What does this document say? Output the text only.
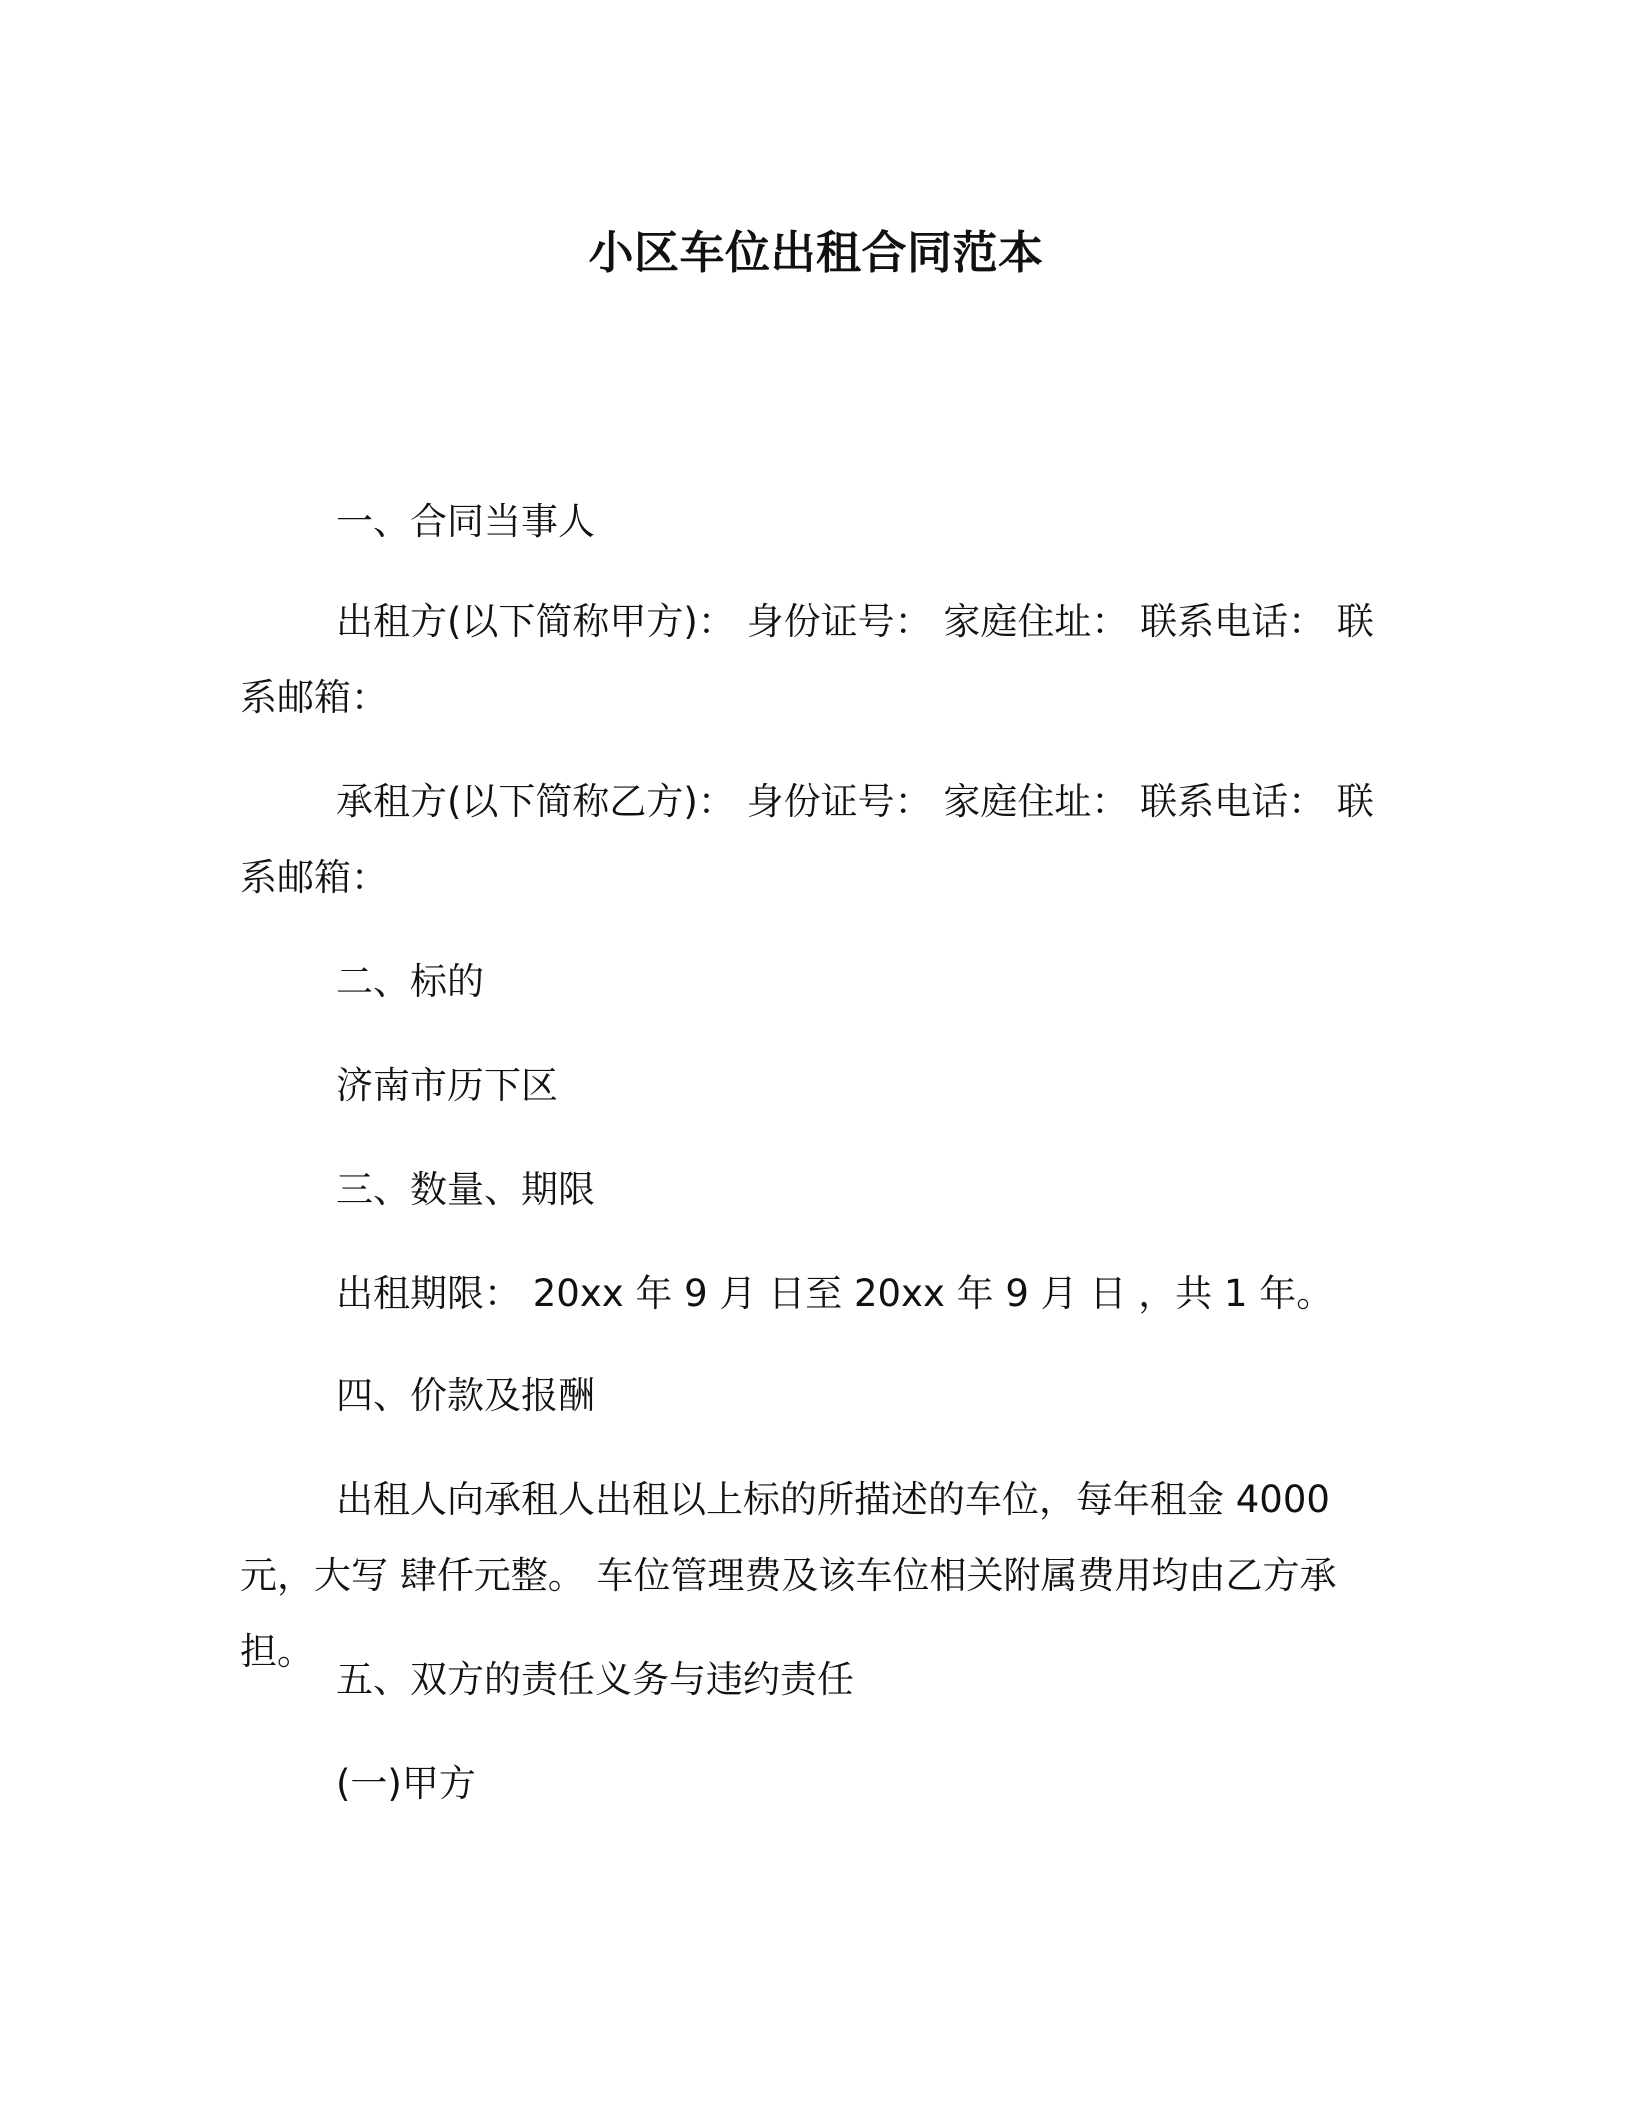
小区车位出租合同范本
一、合同当事人
出租方(以下简称甲方)： 身份证号： 家庭住址： 联系电话： 联系邮箱：
承租方(以下简称乙方)： 身份证号： 家庭住址： 联系电话： 联系邮箱：
二、标的
济南市历下区
三、数量、期限
出租期限： 20xx 年 9 月 日至 20xx 年 9 月 日 ，共 1 年。
四、价款及报酬
出租人向承租人出租以上标的所描述的车位，每年租金 4000 元，大写 肆仟元整。 车位管理费及该车位相关附属费用均由乙方承担。
五、双方的责任义务与违约责任
(一)甲方
